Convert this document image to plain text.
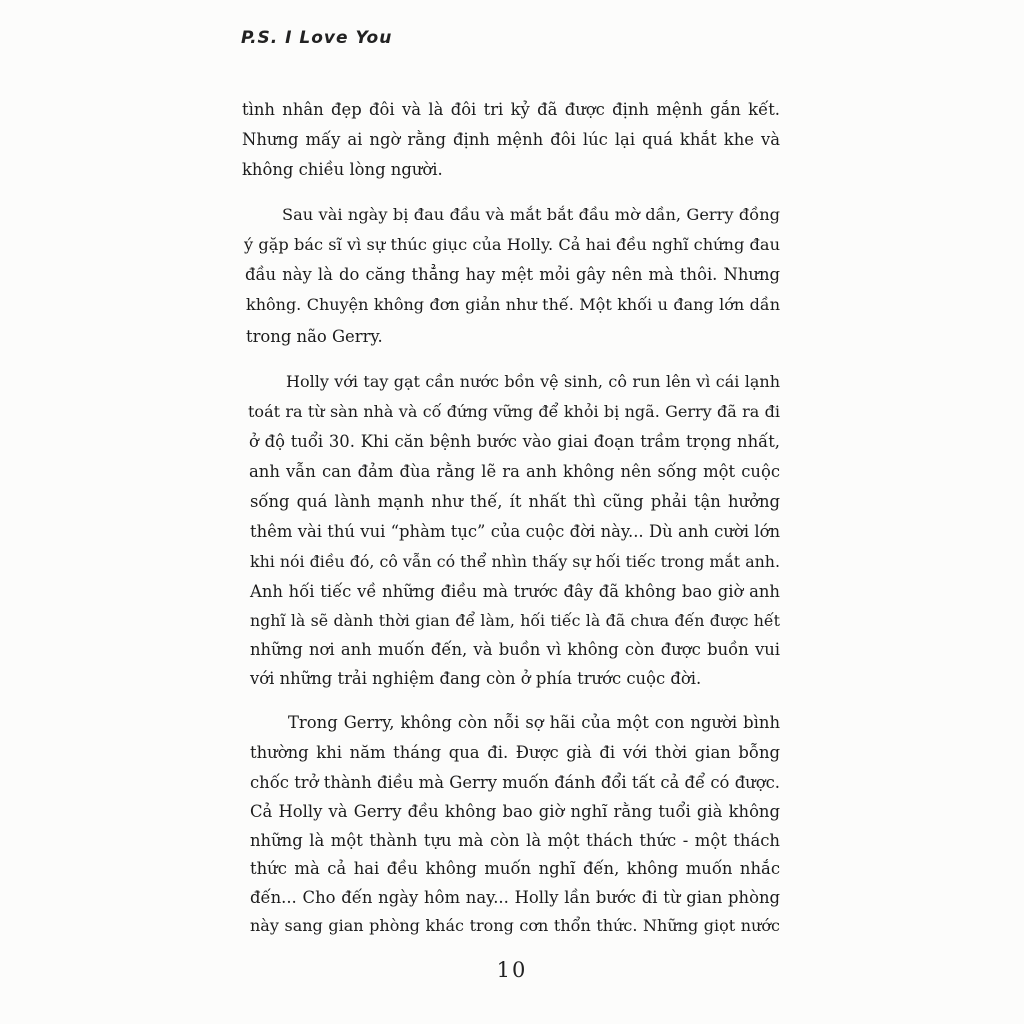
P.S. I Love You
tình nhân đẹp đôi và là đôi tri kỷ đã được định mệnh gắn kết.
Nhưng mấy ai ngờ rằng định mệnh đôi lúc lại quá khắt khe và
không chiều lòng người.
Sau vài ngày bị đau đầu và mắt bắt đầu mờ dần, Gerry đồng
ý gặp bác sĩ vì sự thúc giục của Holly. Cả hai đều nghĩ chứng đau
đầu này là do căng thẳng hay mệt mỏi gây nên mà thôi. Nhưng
không. Chuyện không đơn giản như thế. Một khối u đang lớn dần
trong não Gerry.
Holly với tay gạt cần nước bồn vệ sinh, cô run lên vì cái lạnh
toát ra từ sàn nhà và cố đứng vững để khỏi bị ngã. Gerry đã ra đi
ở độ tuổi 30. Khi căn bệnh bước vào giai đoạn trầm trọng nhất,
anh vẫn can đảm đùa rằng lẽ ra anh không nên sống một cuộc
sống quá lành mạnh như thế, ít nhất thì cũng phải tận hưởng
thêm vài thú vui “phàm tục” của cuộc đời này... Dù anh cười lớn
khi nói điều đó, cô vẫn có thể nhìn thấy sự hối tiếc trong mắt anh.
Anh hối tiếc về những điều mà trước đây đã không bao giờ anh
nghĩ là sẽ dành thời gian để làm, hối tiếc là đã chưa đến được hết
những nơi anh muốn đến, và buồn vì không còn được buồn vui
với những trải nghiệm đang còn ở phía trước cuộc đời.
Trong Gerry, không còn nỗi sợ hãi của một con người bình
thường khi năm tháng qua đi. Được già đi với thời gian bỗng
chốc trở thành điều mà Gerry muốn đánh đổi tất cả để có được.
Cả Holly và Gerry đều không bao giờ nghĩ rằng tuổi già không
những là một thành tựu mà còn là một thách thức - một thách
thức mà cả hai đều không muốn nghĩ đến, không muốn nhắc
đến... Cho đến ngày hôm nay... Holly lần bước đi từ gian phòng
này sang gian phòng khác trong cơn thổn thức. Những giọt nước
10
